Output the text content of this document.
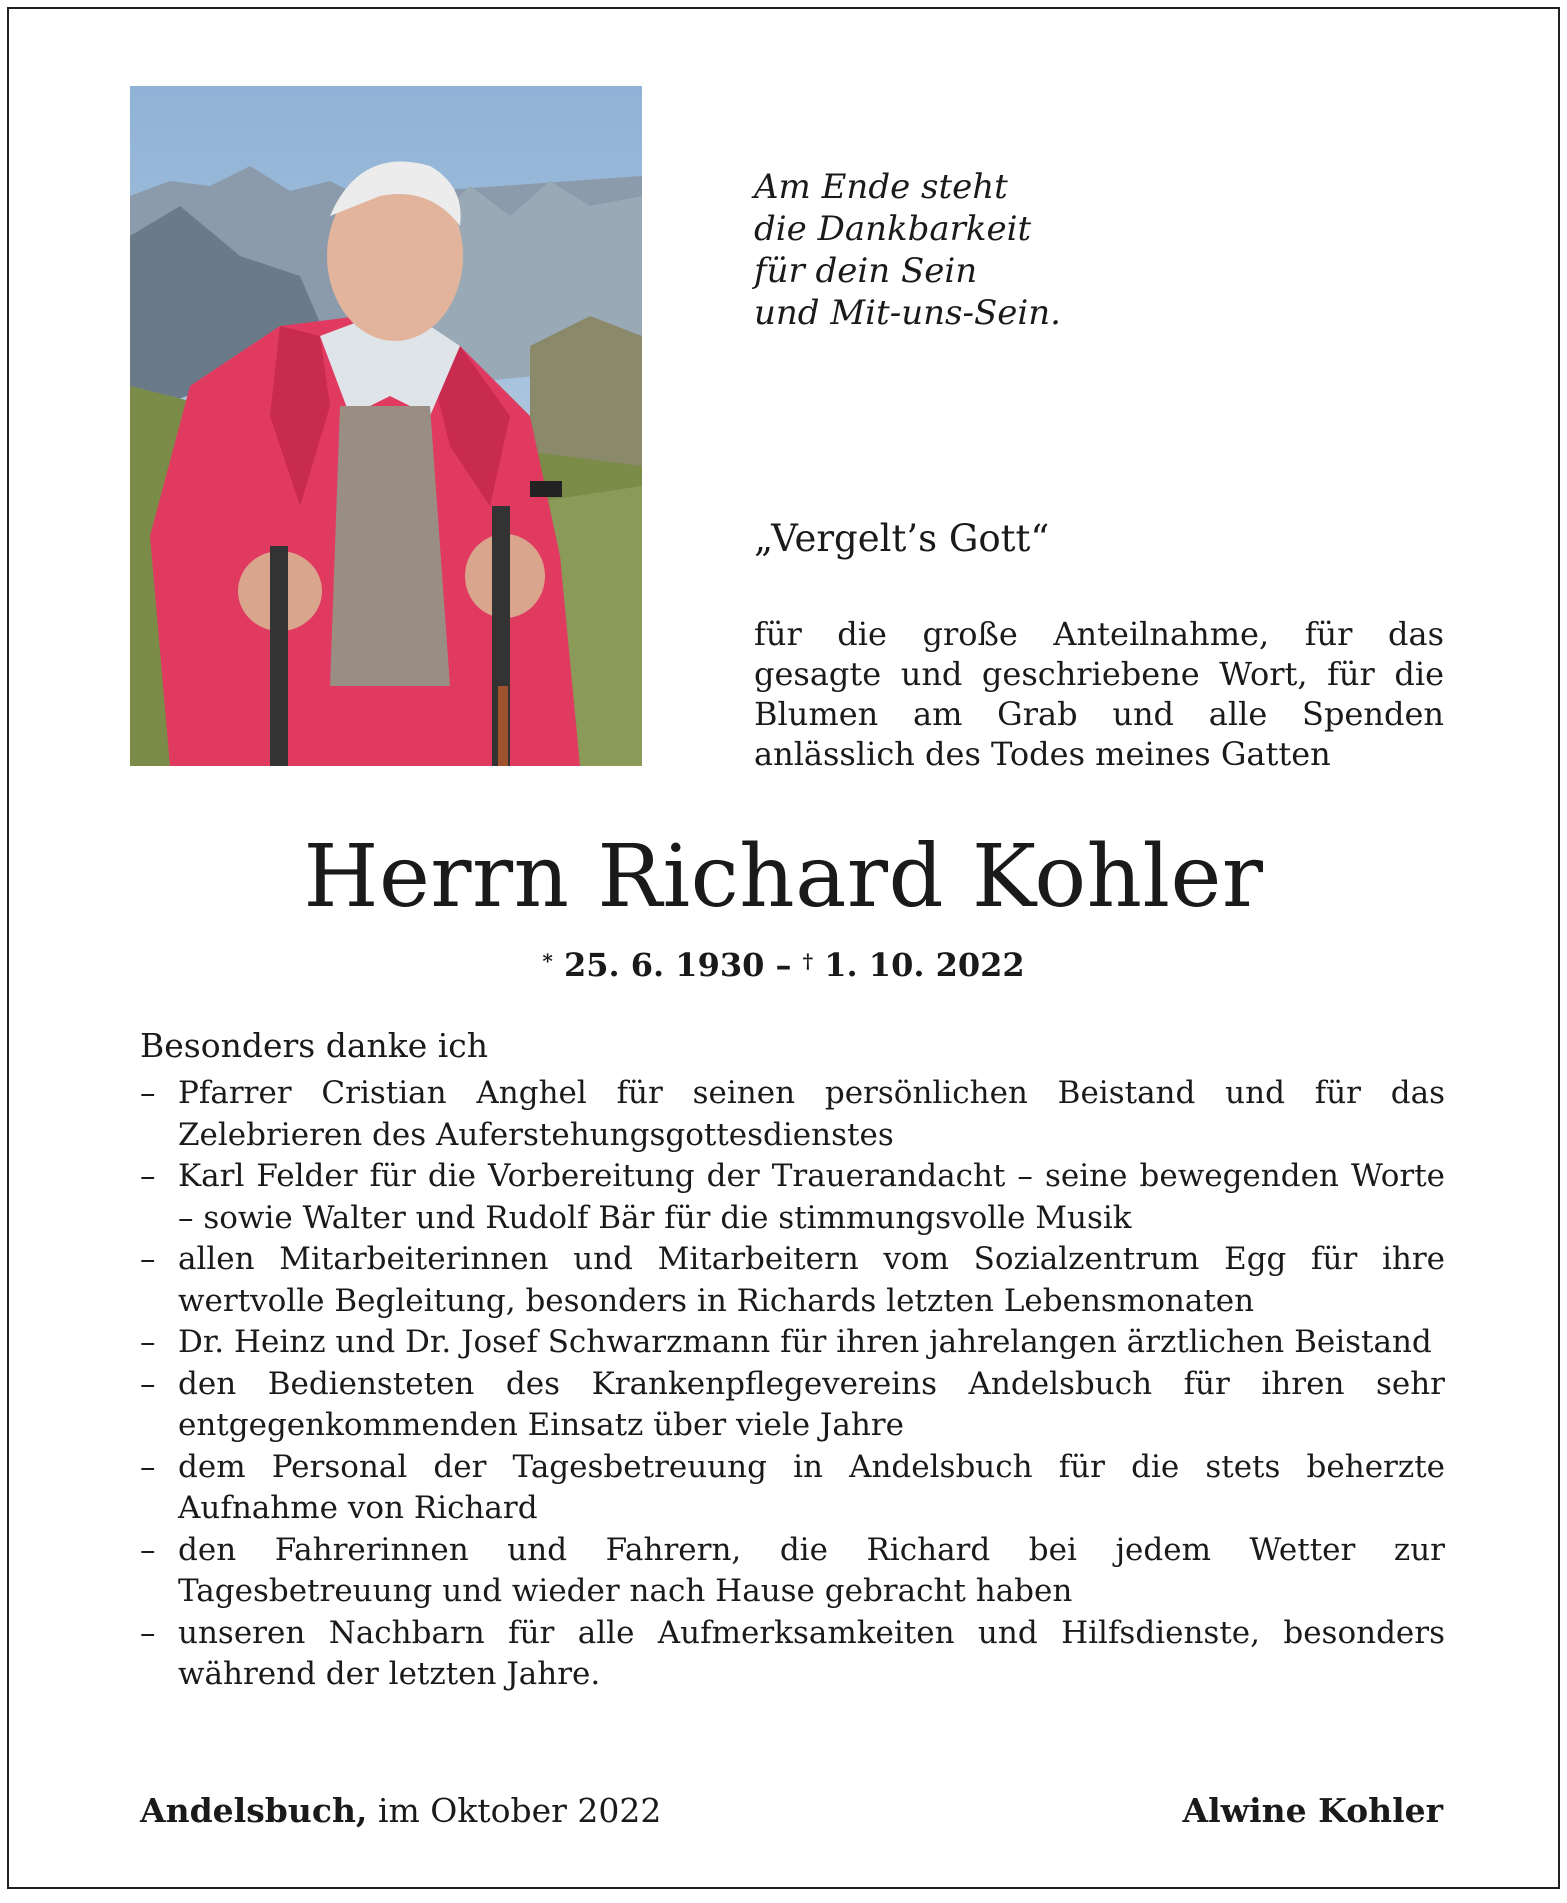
Am Ende steht
die Dankbarkeit
für dein Sein
und Mit-uns-Sein.
„Vergelt’s Gott“
für die große Anteilnahme, für das gesagte und geschriebene Wort, für die Blumen am Grab und alle Spenden anlässlich des Todes meines Gatten
Herrn Richard Kohler
* 25. 6. 1930 – † 1. 10. 2022
Besonders danke ich
– Pfarrer Cristian Anghel für seinen persönlichen Beistand und für das Zelebrieren des Auferstehungsgottesdienstes
– Karl Felder für die Vorbereitung der Trauerandacht – seine bewegenden Worte – sowie Walter und Rudolf Bär für die stimmungsvolle Musik
– allen Mitarbeiterinnen und Mitarbeitern vom Sozialzentrum Egg für ihre wertvolle Begleitung, besonders in Richards letzten Lebensmonaten
– Dr. Heinz und Dr. Josef Schwarzmann für ihren jahrelangen ärztlichen Beistand
– den Bediensteten des Krankenpflegevereins Andelsbuch für ihren sehr entgegenkommenden Einsatz über viele Jahre
– dem Personal der Tagesbetreuung in Andelsbuch für die stets beherzte Aufnahme von Richard
– den Fahrerinnen und Fahrern, die Richard bei jedem Wetter zur Tagesbetreuung und wieder nach Hause gebracht haben
– unseren Nachbarn für alle Aufmerksamkeiten und Hilfsdienste, besonders während der letzten Jahre.
Andelsbuch, im Oktober 2022	Alwine Kohler
